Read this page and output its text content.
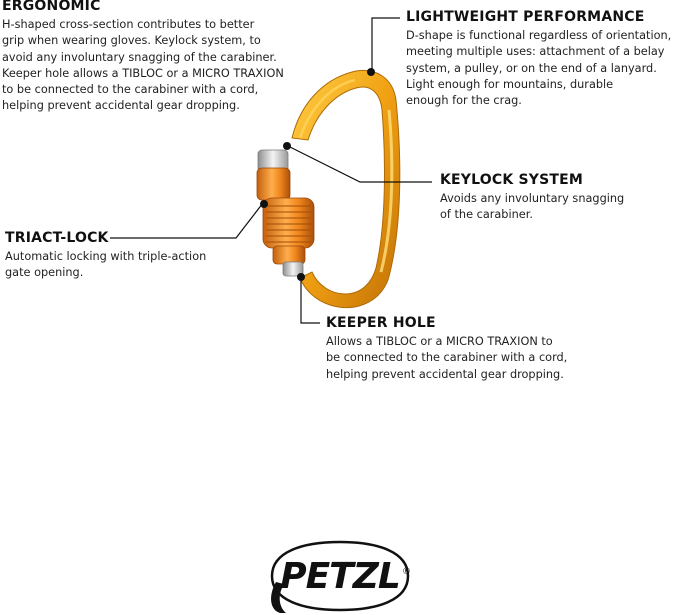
ERGONOMIC

H-shaped cross-section contributes to better
grip when wearing gloves. Keylock system, to
avoid any involuntary snagging of the carabiner.
Keeper hole allows a TIBLOC or a MICRO TRAXION
to be connected to the carabiner with a cord,
helping prevent accidental gear dropping.

LIGHTWEIGHT PERFORMANCE

D-shape is functional regardless of orientation,
meeting multiple uses: attachment of a belay
system, a pulley, or on the end of a lanyard.
Light enough for mountains, durable
enough for the crag.

KEYLOCK SYSTEM

Avoids any involuntary snagging
of the carabiner.

TRIACT-LOCK

Automatic locking with triple-action
gate opening.

KEEPER HOLE

Allows a TIBLOC or a MICRO TRAXION to
be connected to the carabiner with a cord,
helping prevent accidental gear dropping.

PETZL ®
